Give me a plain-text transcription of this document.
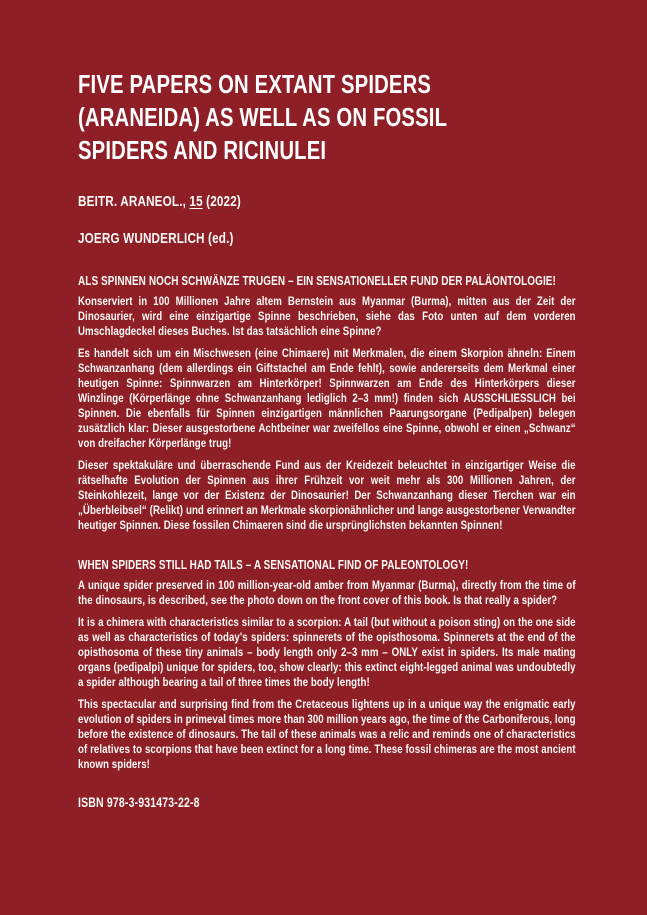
FIVE PAPERS ON EXTANT SPIDERS
(ARANEIDA) AS WELL AS ON FOSSIL
SPIDERS AND RICINULEI
BEITR. ARANEOL., 15 (2022)
JOERG WUNDERLICH (ed.)
ALS SPINNEN NOCH SCHWÄNZE TRUGEN – EIN SENSATIONELLER FUND DER PALÄONTOLOGIE!

Konserviert in 100 Millionen Jahre altem Bernstein aus Myanmar (Burma), mitten aus der Zeit der Dinosaurier, wird eine einzigartige Spinne beschrieben, siehe das Foto unten auf dem vorderen Umschlagdeckel dieses Buches. Ist das tatsächlich eine Spinne?

Es handelt sich um ein Mischwesen (eine Chimaere) mit Merkmalen, die einem Skorpion ähneln: Einem Schwanzanhang (dem allerdings ein Giftstachel am Ende fehlt), sowie andererseits dem Merkmal einer heutigen Spinne: Spinnwarzen am Hinterkörper! Spinnwarzen am Ende des Hinterkörpers dieser Winzlinge (Körperlänge ohne Schwanzanhang lediglich 2–3 mm!) finden sich AUSSCHLIESSLICH bei Spinnen. Die ebenfalls für Spinnen einzigartigen männlichen Paarungsorgane (Pedipalpen) belegen zusätzlich klar: Dieser ausgestorbene Achtbeiner war zweifellos eine Spinne, obwohl er einen „Schwanz“ von dreifacher Körperlänge trug!

Dieser spektakuläre und überraschende Fund aus der Kreidezeit beleuchtet in einzigartiger Weise die rätselhafte Evolution der Spinnen aus ihrer Frühzeit vor weit mehr als 300 Millionen Jahren, der Steinkohlezeit, lange vor der Existenz der Dinosaurier! Der Schwanzanhang dieser Tierchen war ein „Überbleibsel“ (Relikt) und erinnert an Merkmale skorpionähnlicher und lange ausgestorbener Verwandter heutiger Spinnen. Diese fossilen Chimaeren sind die ursprünglichsten bekannten Spinnen!

WHEN SPIDERS STILL HAD TAILS – A SENSATIONAL FIND OF PALEONTOLOGY!

A unique spider preserved in 100 million-year-old amber from Myanmar (Burma), directly from the time of the dinosaurs, is described, see the photo down on the front cover of this book. Is that really a spider?

It is a chimera with characteristics similar to a scorpion: A tail (but without a poison sting) on the one side as well as characteristics of today's spiders: spinnerets of the opisthosoma. Spinnerets at the end of the opisthosoma of these tiny animals – body length only 2–3 mm – ONLY exist in spiders. Its male mating organs (pedipalpi) unique for spiders, too, show clearly: this extinct eight-legged animal was undoubtedly a spider although bearing a tail of three times the body length!

This spectacular and surprising find from the Cretaceous lightens up in a unique way the enigmatic early evolution of spiders in primeval times more than 300 million years ago, the time of the Carboniferous, long before the existence of dinosaurs. The tail of these animals was a relic and reminds one of characteristics of relatives to scorpions that have been extinct for a long time. These fossil chimeras are the most ancient known spiders!

ISBN 978-3-931473-22-8
